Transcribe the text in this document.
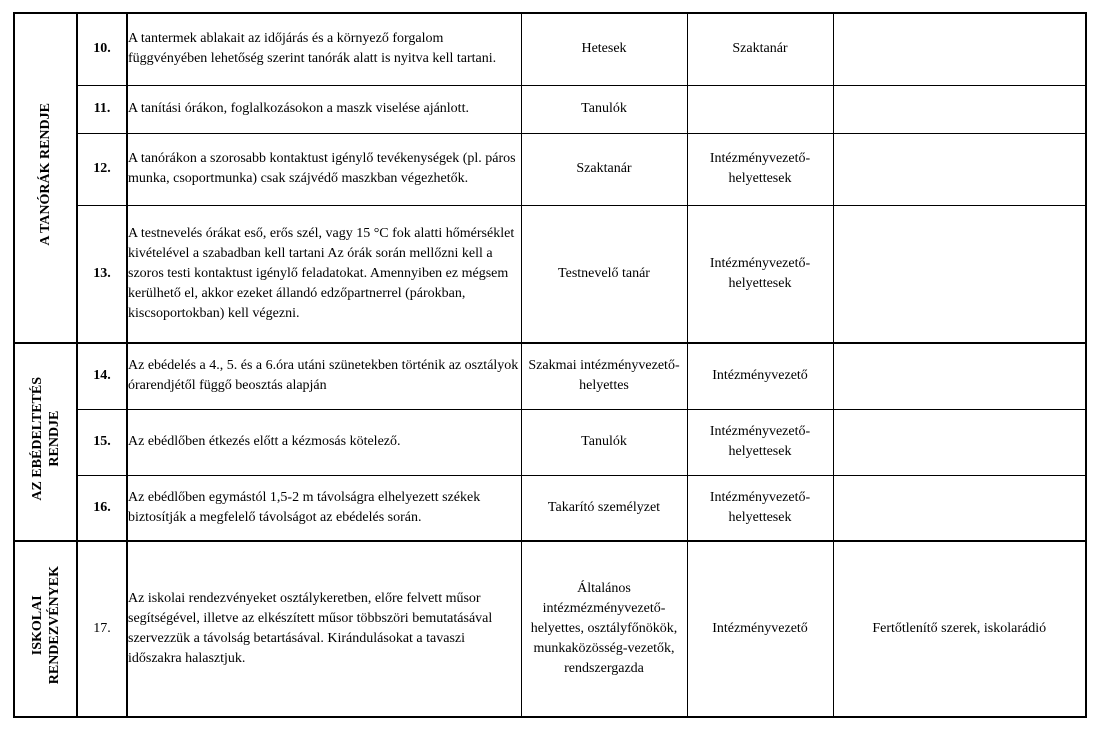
A TANÓRÁK RENDJE	10.	A tantermek ablakait az időjárás és a környező forgalom függvényében lehetőség szerint tanórák alatt is nyitva kell tartani.	Hetesek	Szaktanár	
	11.	A tanítási órákon, foglalkozásokon a maszk viselése ajánlott.	Tanulók		
	12.	A tanórákon a szorosabb kontaktust igénylő tevékenységek (pl. páros munka, csoportmunka) csak szájvédő maszkban végezhetők.	Szaktanár	Intézményvezető-helyettesek	
	13.	A testnevelés órákat eső, erős szél, vagy 15 °C fok alatti hőmérséklet kivételével a szabadban kell tartani Az órák során mellőzni kell a szoros testi kontaktust igénylő feladatokat. Amennyiben ez mégsem kerülhető el, akkor ezeket állandó edzőpartnerrel (párokban, kiscsoportokban) kell végezni.	Testnevelő tanár	Intézményvezető-helyettesek	
AZ EBÉDELTETÉS
RENDJE	14.	Az ebédelés a 4., 5. és a 6.óra utáni szünetekben történik az osztályok órarendjétől függő beosztás alapján	Szakmai intézményvezető-helyettes	Intézményvezető	
	15.	Az ebédlőben étkezés előtt a kézmosás kötelező.	Tanulók	Intézményvezető-helyettesek	
	16.	Az ebédlőben egymástól 1,5-2 m távolságra elhelyezett székek biztosítják a megfelelő távolságot az ebédelés során.	Takarító személyzet	Intézményvezető-helyettesek	
ISKOLAI
RENDEZVÉNYEK	17.	Az iskolai rendezvényeket osztálykeretben, előre felvett műsor segítségével, illetve az elkészített műsor többszöri bemutatásával szervezzük a távolság betartásával. Kirándulásokat a tavaszi időszakra halasztjuk.	Általános intézmézményvezető-helyettes, osztályfőnökök, munkaközösség-vezetők, rendszergazda	Intézményvezető	Fertőtlenítő szerek, iskolarádió
